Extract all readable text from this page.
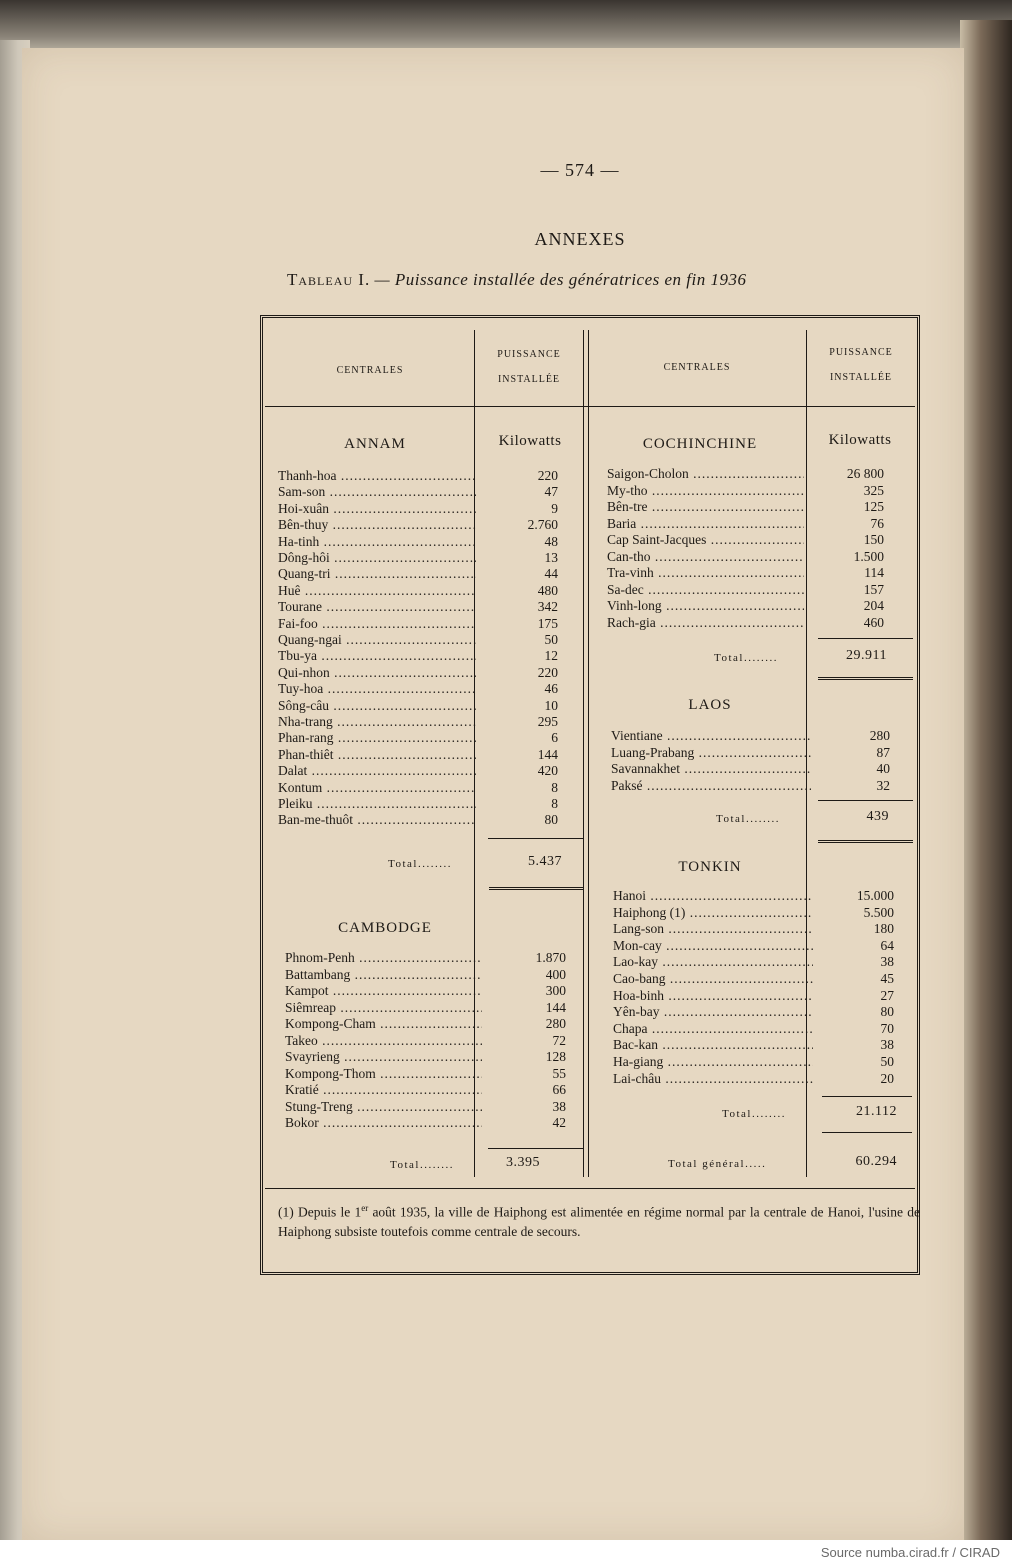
— 574 —
ANNEXES
Tableau I. — Puissance installée des génératrices en fin 1936
CENTRALES
PUISSANCE
INSTALLÉE
CENTRALES
PUISSANCE
INSTALLÉE
ANNAM	Kilowatts
Thanh-hoa .....	220
Sam-son .....	47
Hoi-xuân .....	9
Bên-thuy .....	2.760
Ha-tinh .....	48
Dông-hôi .....	13
Quang-tri .....	44
Huê .....	480
Tourane .....	342
Fai-foo .....	175
Quang-ngai .....	50
Tbu-ya .....	12
Qui-nhon .....	220
Tuy-hoa .....	46
Sông-câu .....	10
Nha-trang .....	295
Phan-rang .....	6
Phan-thiêt .....	144
Dalat .....	420
Kontum .....	8
Pleiku .....	8
Ban-me-thuôt .....	80
Total........	5.437
CAMBODGE
Phnom-Penh .....	1.870
Battambang .....	400
Kampot .....	300
Siêmreap .....	144
Kompong-Cham .....	280
Takeo .....	72
Svayrieng .....	128
Kompong-Thom .....	55
Kratié .....	66
Stung-Treng .....	38
Bokor .....	42
Total........	3.395
COCHINCHINE	Kilowatts
Saigon-Cholon .....	26 800
My-tho .....	325
Bên-tre .....	125
Baria .....	76
Cap Saint-Jacques .....	150
Can-tho .....	1.500
Tra-vinh .....	114
Sa-dec .....	157
Vinh-long .....	204
Rach-gia .....	460
Total........	29.911
LAOS
Vientiane .....	280
Luang-Prabang .....	87
Savannakhet .....	40
Paksé .....	32
Total........	439
TONKIN
Hanoi .....	15.000
Haiphong (1) .....	5.500
Lang-son .....	180
Mon-cay .....	64
Lao-kay .....	38
Cao-bang .....	45
Hoa-binh .....	27
Yên-bay .....	80
Chapa .....	70
Bac-kan .....	38
Ha-giang .....	50
Lai-châu .....	20
Total........	21.112
Total général.....	60.294
(1) Depuis le 1er août 1935, la ville de Haiphong est alimentée en régime normal par la centrale de Hanoi, l'usine de Haiphong subsiste toutefois comme centrale de secours.
Source numba.cirad.fr / CIRAD
